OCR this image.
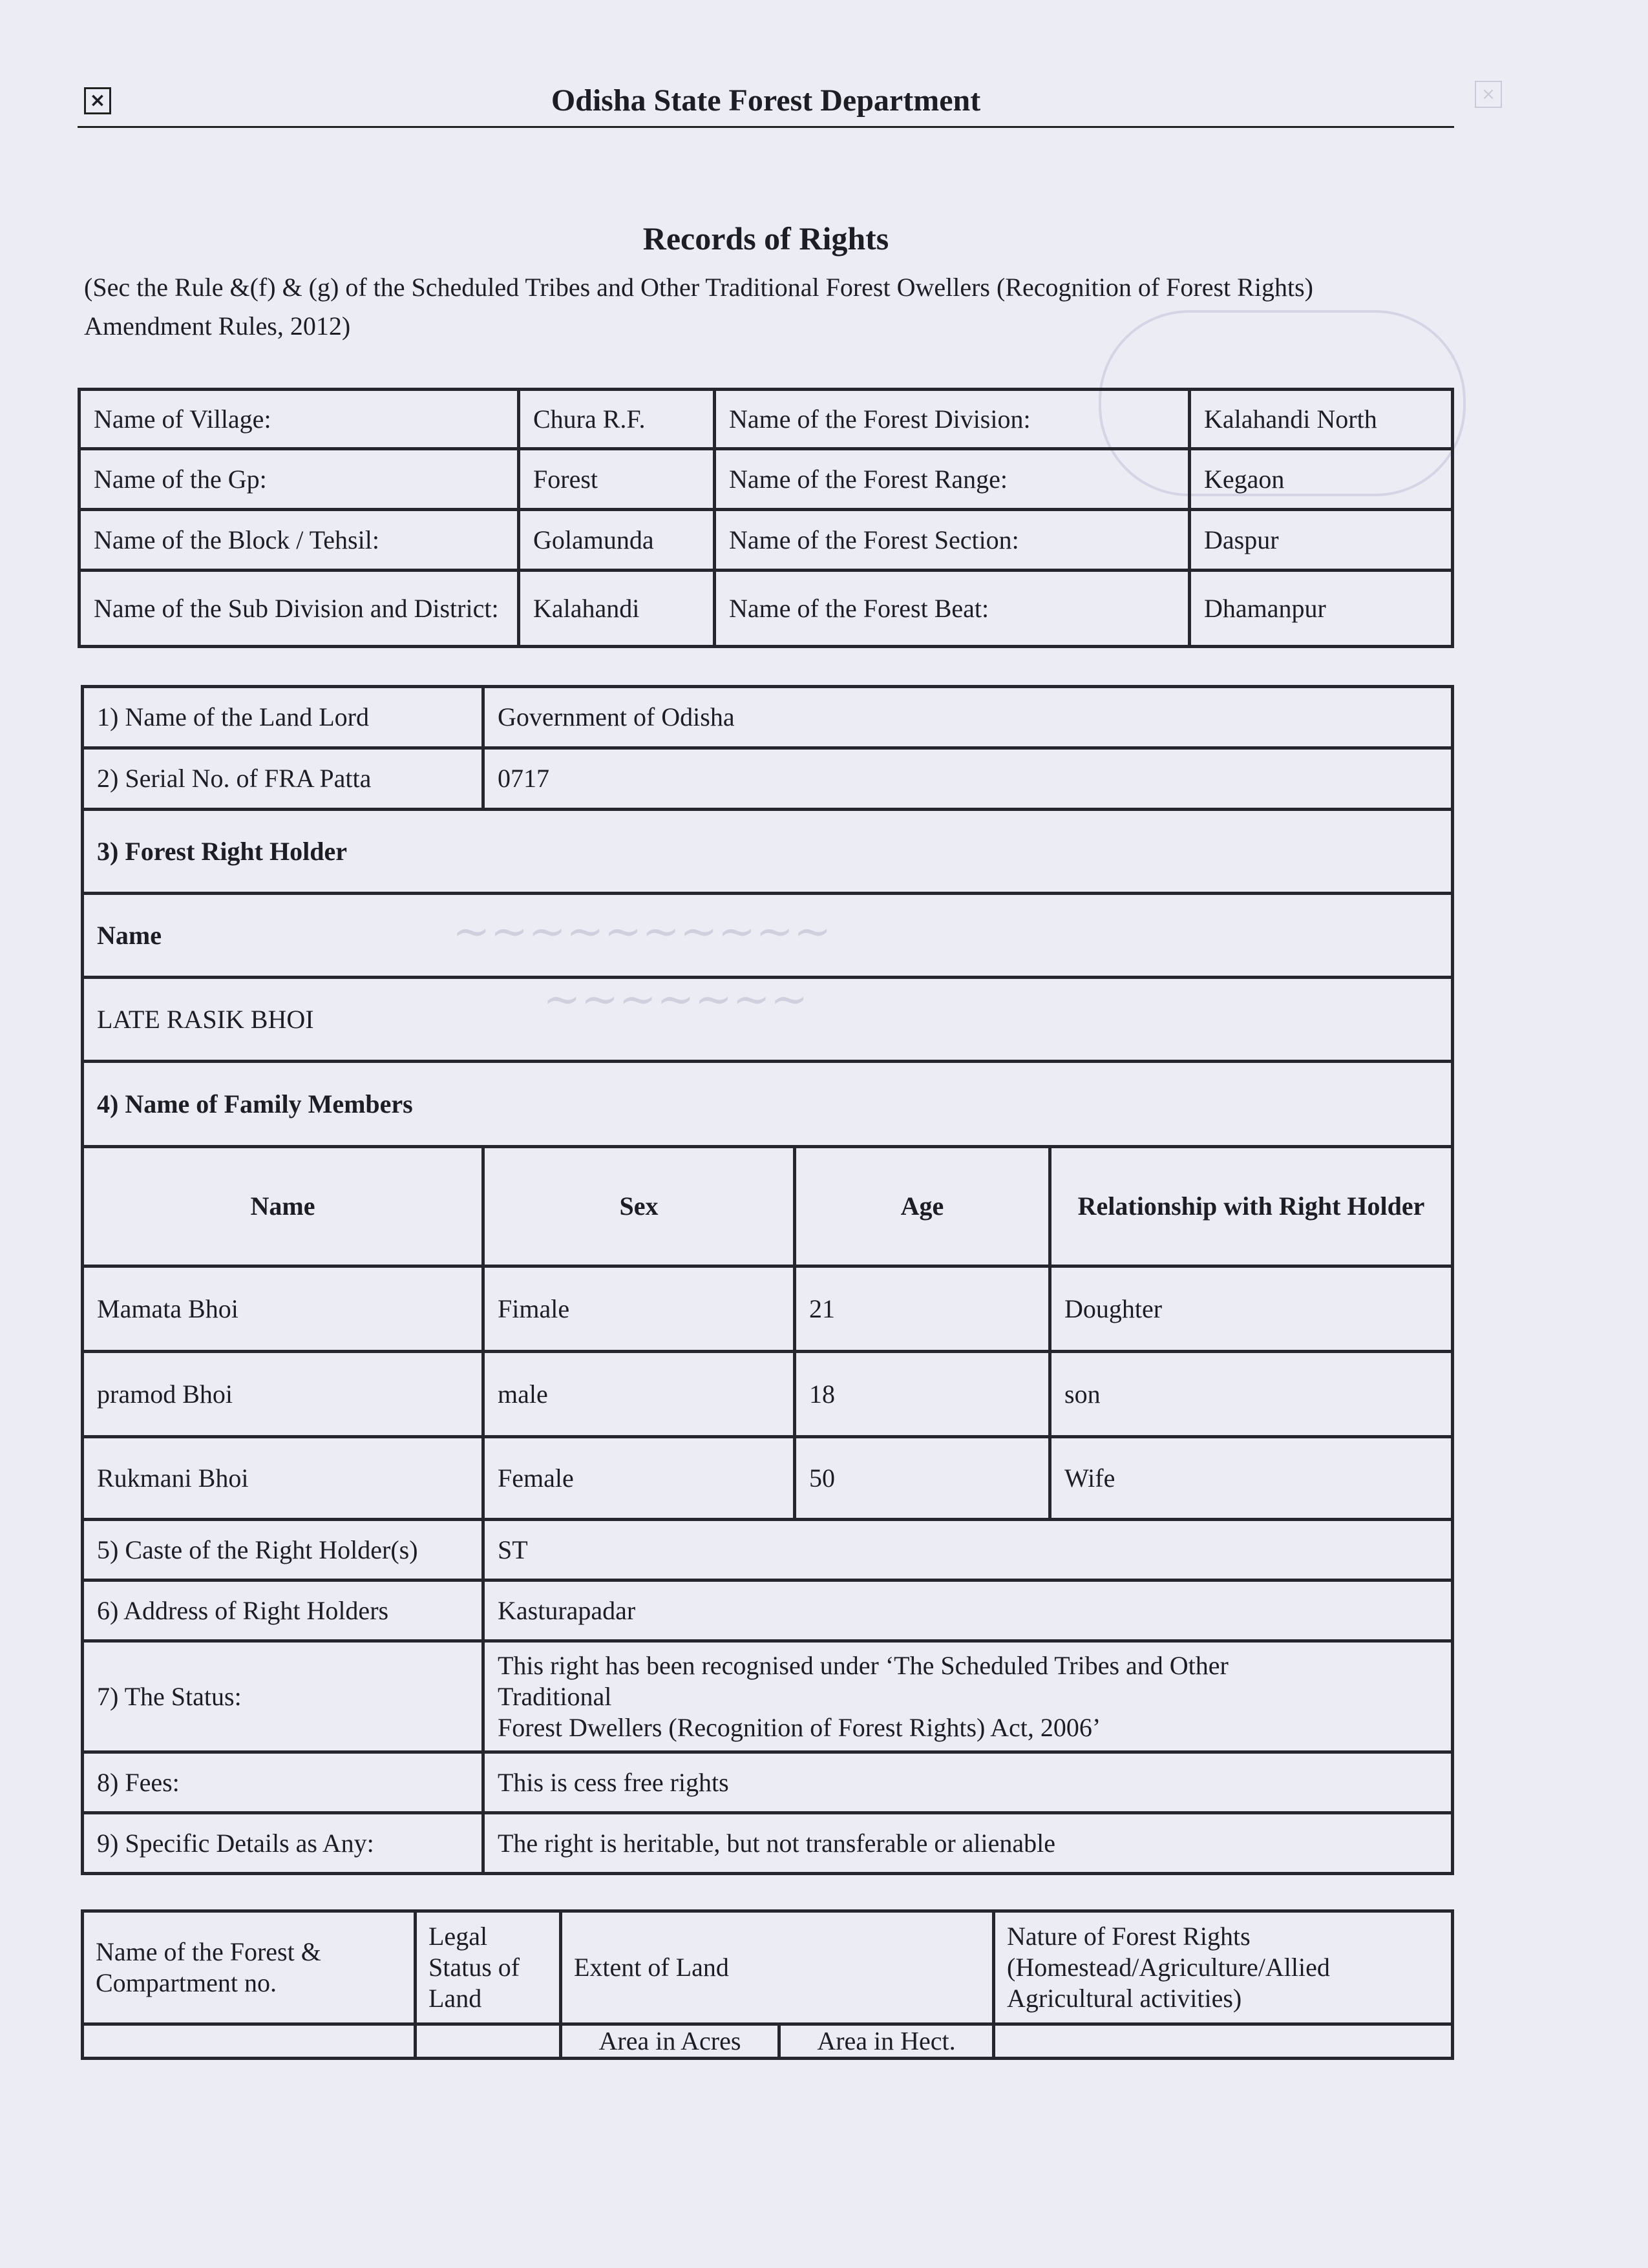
×	Odisha State Forest Department	×
~~~~~~~~~~
~~~~~~~
Records of Rights
(Sec the Rule &(f) & (g) of the Scheduled Tribes and Other Traditional Forest Owellers (Recognition of Forest Rights) Amendment Rules, 2012)
Name of Village:	Chura R.F.	Name of the Forest Division:	Kalahandi North
Name of the Gp:	Forest	Name of the Forest Range:	Kegaon
Name of the Block / Tehsil:	Golamunda	Name of the Forest Section:	Daspur
Name of the Sub Division and District:	Kalahandi	Name of the Forest Beat:	Dhamanpur
1) Name of the Land Lord	Government of Odisha		
2) Serial No. of FRA Patta	0717		
3) Forest Right Holder			
Name			
LATE RASIK BHOI			
4) Name of Family Members			
Name	Sex	Age	Relationship with Right Holder
Mamata Bhoi	Fimale	21	Doughter
pramod Bhoi	male	18	son
Rukmani Bhoi	Female	50	Wife
5) Caste of the Right Holder(s)	ST		
6) Address of Right Holders	Kasturapadar		
7) The Status:	This right has been recognised under ‘The Scheduled Tribes and Other
Traditional
Forest Dwellers (Recognition of Forest Rights) Act, 2006’		

8) Fees:	This is cess free rights		
9) Specific Details as Any:	The right is heritable, but not transferable or alienable		
Name of the Forest & Compartment no.	Legal Status of Land	Extent of Land		Nature of Forest Rights (Homestead/Agriculture/Allied Agricultural activities)
		Area in Acres	Area in Hect.	
